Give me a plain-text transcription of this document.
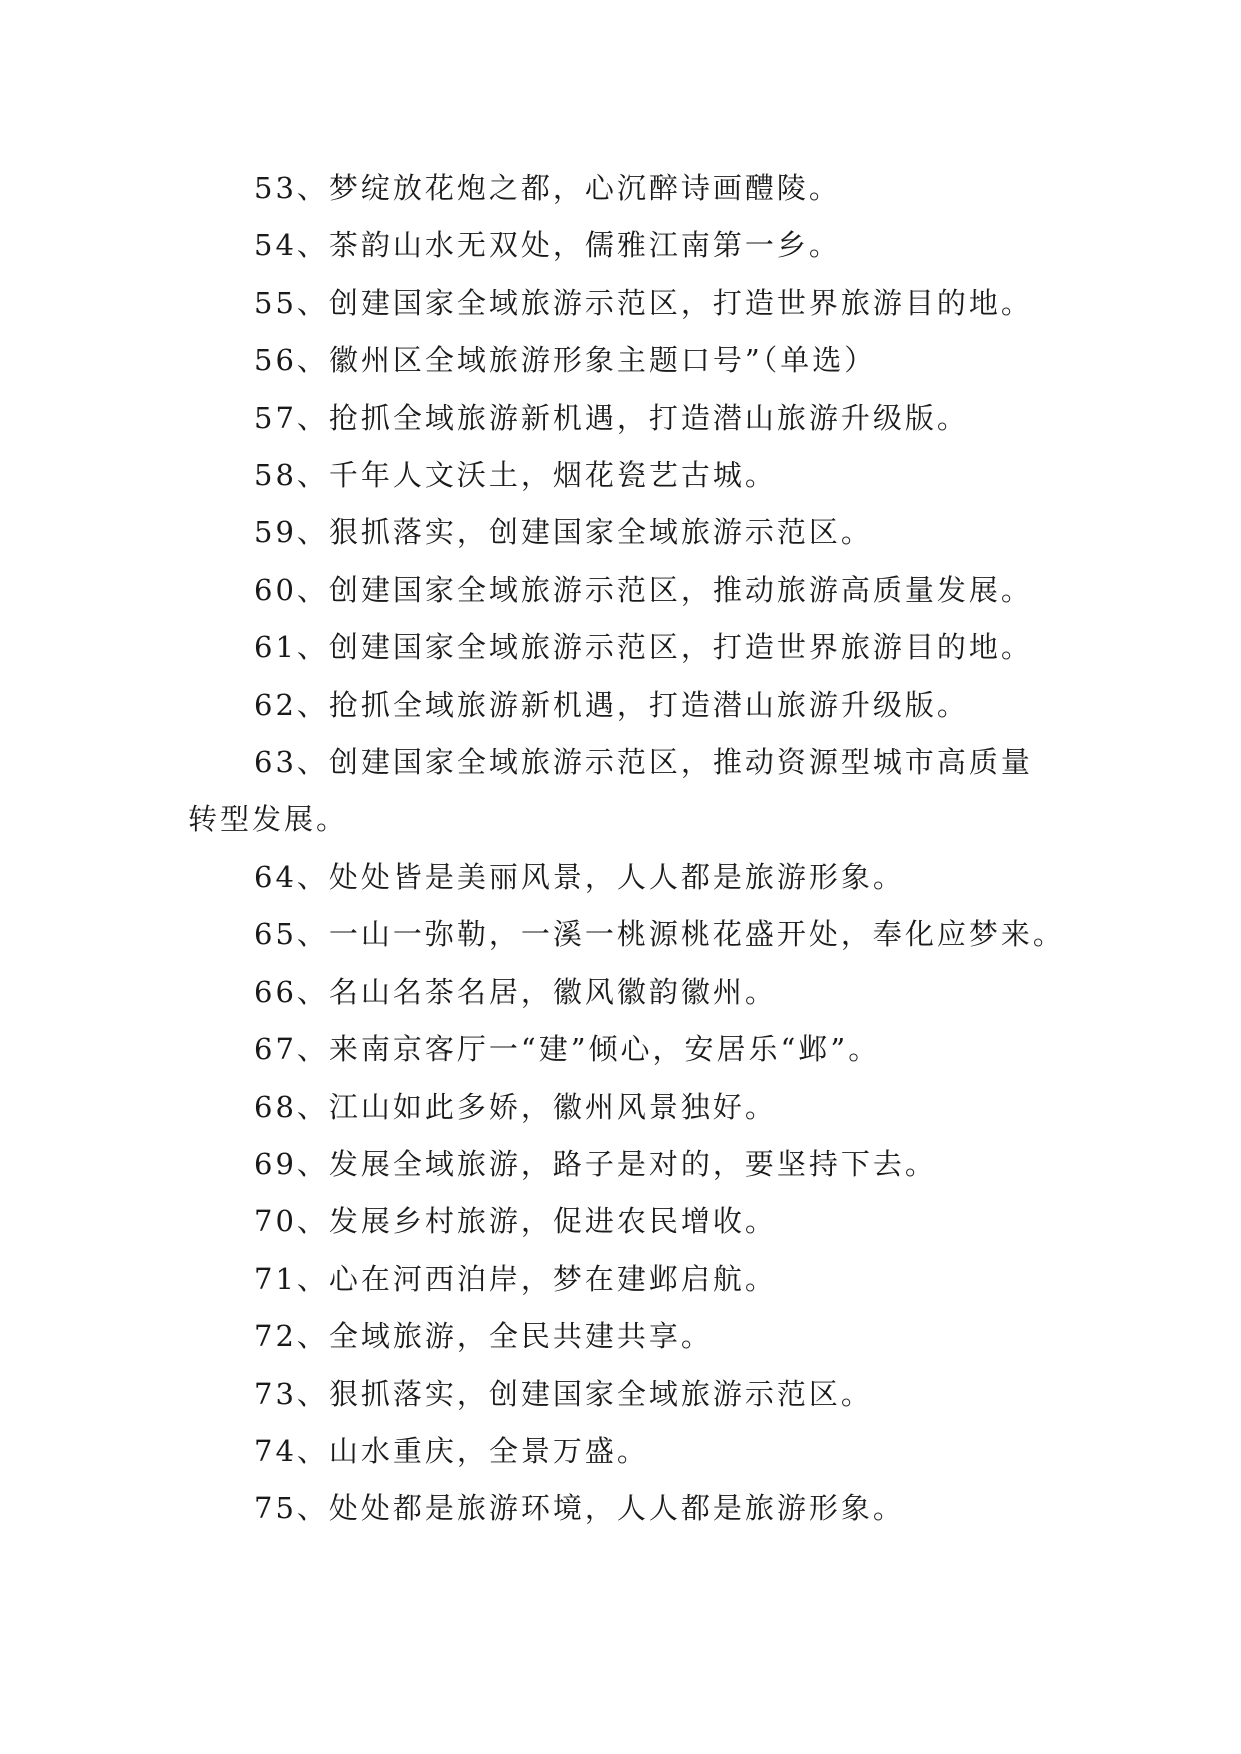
53、梦绽放花炮之都，心沉醉诗画醴陵。
54、茶韵山水无双处，儒雅江南第一乡。
55、创建国家全域旅游示范区，打造世界旅游目的地。
56、徽州区全域旅游形象主题口号”（单选）
57、抢抓全域旅游新机遇，打造潜山旅游升级版。
58、千年人文沃土，烟花瓷艺古城。
59、狠抓落实，创建国家全域旅游示范区。
60、创建国家全域旅游示范区，推动旅游高质量发展。
61、创建国家全域旅游示范区，打造世界旅游目的地。
62、抢抓全域旅游新机遇，打造潜山旅游升级版。
63、创建国家全域旅游示范区，推动资源型城市高质量转型发展。
64、处处皆是美丽风景，人人都是旅游形象。
65、一山一弥勒，一溪一桃源桃花盛开处，奉化应梦来。
66、名山名茶名居，徽风徽韵徽州。
67、来南京客厅一“建”倾心，安居乐“邺”。
68、江山如此多娇，徽州风景独好。
69、发展全域旅游，路子是对的，要坚持下去。
70、发展乡村旅游，促进农民增收。
71、心在河西泊岸，梦在建邺启航。
72、全域旅游，全民共建共享。
73、狠抓落实，创建国家全域旅游示范区。
74、山水重庆，全景万盛。
75、处处都是旅游环境，人人都是旅游形象。
